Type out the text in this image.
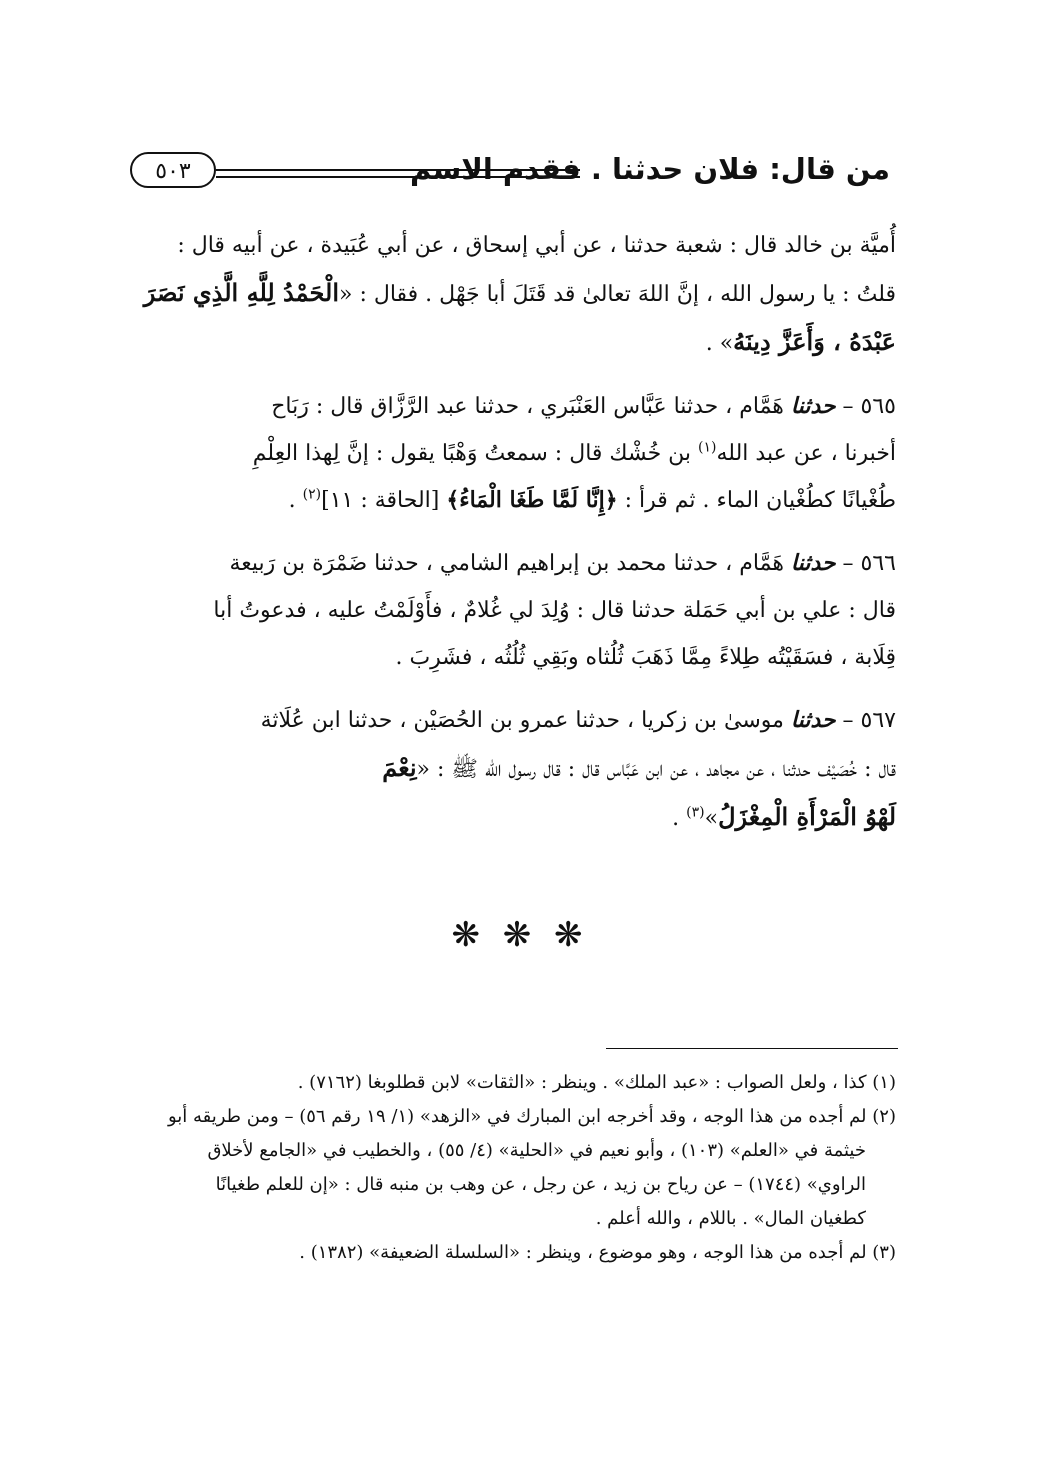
من قال: فلان حدثنا . فقدم الاسم
٥٠٣

أُميَّة بن خالد قال : شعبة حدثنا ، عن أبي إسحاق ، عن أبي عُبَيدة ، عن أبيه قال :
قلتُ : يا رسول الله ، إنَّ اللهَ تعالىٰ قد قَتَلَ أبا جَهْل . فقال : «الْحَمْدُ لِلَّهِ الَّذِي نَصَرَ
عَبْدَهُ ، وَأَعَزَّ دِينَهُ» .

٥٦٥ – حدثنا هَمَّام ، حدثنا عَبَّاس العَنْبَري ، حدثنا عبد الرَّزَّاق قال : رَبَاح
أخبرنا ، عن عبد الله$^{(١)}$ بن خُشْك قال : سمعتُ وَهْبًا يقول : إنَّ لِهذا العِلْمِ
طُغْيانًا كطُغْيان الماء . ثم قرأ : ﴿إِنَّا لَمَّا طَغَا الْمَاءُ﴾ [الحاقة : ١١]$^{(٢)}$ .

٥٦٦ – حدثنا هَمَّام ، حدثنا محمد بن إبراهيم الشامي ، حدثنا ضَمْرَة بن رَبيعة
قال : علي بن أبي حَمَلة حدثنا قال : وُلِدَ لي غُلامٌ ، فأَوْلَمْتُ عليه ، فدعوتُ أبا
قِلَابة ، فسَقَيْتُه طِلاءً مِمَّا ذَهَبَ ثُلُثاه وبَقِي ثُلُثُه ، فشَرِبَ .

٥٦٧ – حدثنا موسىٰ بن زكريا ، حدثنا عمرو بن الحُصَيْن ، حدثنا ابن عُلَاثة
قال : خُصَيْف حدثنا ، عن مجاهد ، عن ابن عَبَّاس قال : قال رسول الله ﷺ : «نِعْمَ
لَهْوُ الْمَرْأَةِ الْمِغْزَلُ»$^{(٣)}$ .

❋ ❋ ❋

(١) كذا ، ولعل الصواب : «عبد الملك» . وينظر : «الثقات» لابن قطلوبغا (٧١٦٢) .

(٢) لم أجده من هذا الوجه ، وقد أخرجه ابن المبارك في «الزهد» (١/ ١٩ رقم ٥٦) – ومن طريقه أبو

خيثمة في «العلم» (١٠٣) ، وأبو نعيم في «الحلية» (٤/ ٥٥) ، والخطيب في «الجامع لأخلاق

الراوي» (١٧٤٤) – عن رياح بن زيد ، عن رجل ، عن وهب بن منبه قال : «إن للعلم طغيانًا

كطغيان المال» . باللام ، والله أعلم .

(٣) لم أجده من هذا الوجه ، وهو موضوع ، وينظر : «السلسلة الضعيفة» (١٣٨٢) .
